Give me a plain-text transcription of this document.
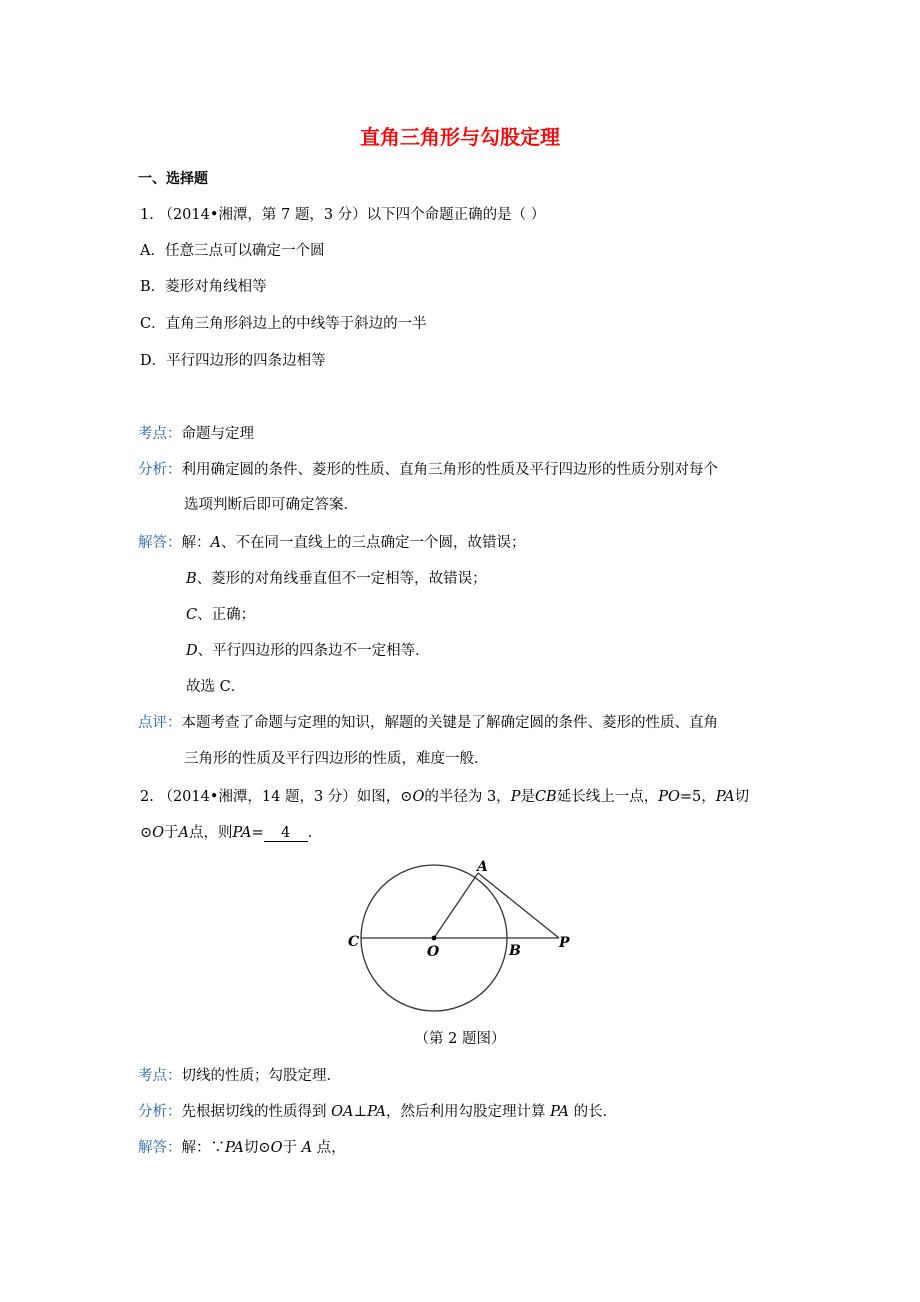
直角三角形与勾股定理
一、选择题
1. （2014•湘潭，第 7 题，3 分）以下四个命题正确的是（ ）
A．任意三点可以确定一个圆
B．菱形对角线相等
C．直角三角形斜边上的中线等于斜边的一半
D．平行四边形的四条边相等
考点：命题与定理
分析：利用确定圆的条件、菱形的性质、直角三角形的性质及平行四边形的性质分别对每个
选项判断后即可确定答案．
解答：解：A、不在同一直线上的三点确定一个圆，故错误；
B、菱形的对角线垂直但不一定相等，故错误；
C、正确；
D、平行四边形的四条边不一定相等．
故选 C．
点评：本题考查了命题与定理的知识，解题的关键是了解确定圆的条件、菱形的性质、直角
三角形的性质及平行四边形的性质，难度一般．
2. （2014•湘潭，14 题，3 分）如图，⊙O的半径为 3，P是CB延长线上一点，PO=5，PA切
⊙O于A点，则PA= 4 ．
A
C
O	B	P
（第 2 题图）
考点：切线的性质；勾股定理．
分析：先根据切线的性质得到 OA⊥PA，然后利用勾股定理计算 PA 的长．
解答：解：∵PA切⊙O于 A 点，
